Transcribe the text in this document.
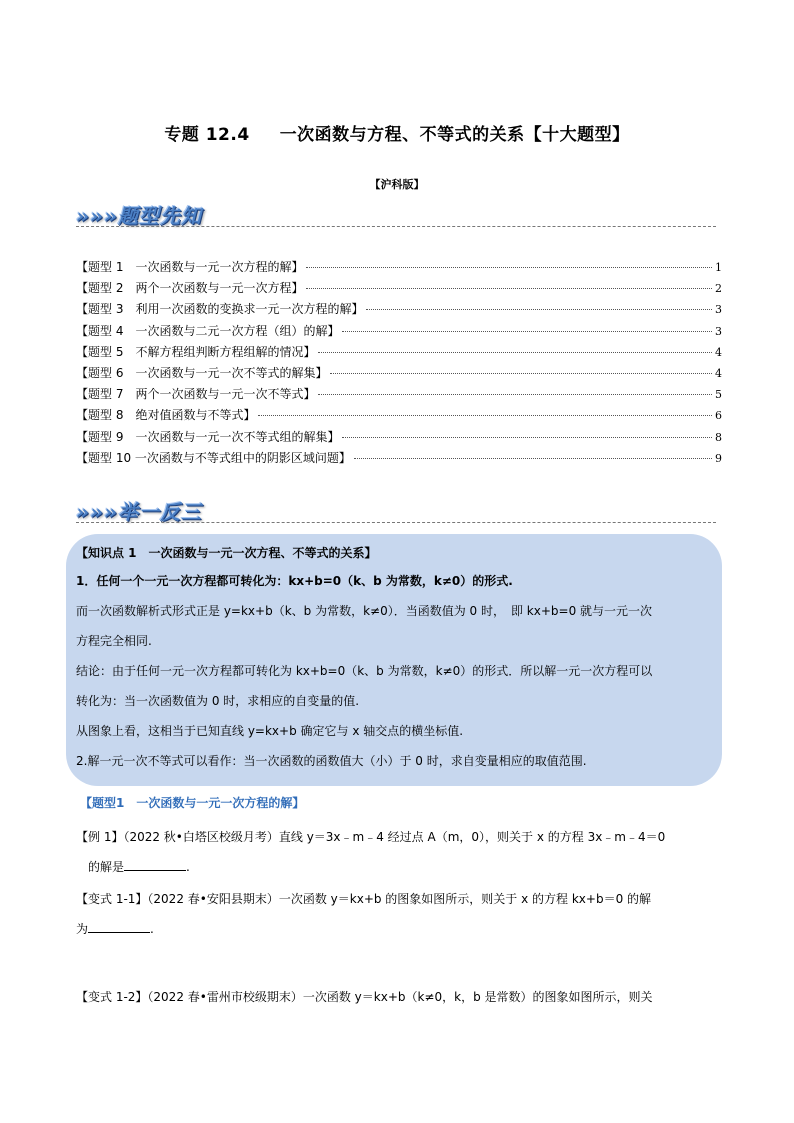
专题 12.4 一次函数与方程、不等式的关系【十大题型】
【沪科版】
»»»题型先知
【题型 1　一次函数与一元一次方程的解】	1
【题型 2　两个一次函数与一元一次方程】	2
【题型 3　利用一次函数的变换求一元一次方程的解】	3
【题型 4　一次函数与二元一次方程（组）的解】	3
【题型 5　不解方程组判断方程组解的情况】	4
【题型 6　一次函数与一元一次不等式的解集】	4
【题型 7　两个一次函数与一元一次不等式】	5
【题型 8　绝对值函数与不等式】	6
【题型 9　一次函数与一元一次不等式组的解集】	8
【题型 10 一次函数与不等式组中的阴影区域问题】	9
»»»举一反三

【知识点 1　一次函数与一元一次方程、不等式的关系】

1．任何一个一元一次方程都可转化为：kx+b=0（k、b 为常数，k≠0）的形式.

而一次函数解析式形式正是 y=kx+b（k、b 为常数，k≠0）．当函数值为 0 时，　即 kx+b=0 就与一元一次

方程完全相同.

结论：由于任何一元一次方程都可转化为 kx+b=0（k、b 为常数，k≠0）的形式．所以解一元一次方程可以

转化为：当一次函数值为 0 时，求相应的自变量的值.

从图象上看，这相当于已知直线 y=kx+b 确定它与 x 轴交点的横坐标值.

2.解一元一次不等式可以看作：当一次函数的函数值大（小）于 0 时，求自变量相应的取值范围.

【题型1　一次函数与一元一次方程的解】
【例 1】（2022 秋•白塔区校级月考）直线 y＝3x﹣m﹣4 经过点 A（m，0），则关于 x 的方程 3x﹣m﹣4＝0
的解是	.
【变式 1-1】（2022 春•安阳县期末）一次函数 y＝kx+b 的图象如图所示，则关于 x 的方程 kx+b＝0 的解
为	.
【变式 1-2】（2022 春•雷州市校级期末）一次函数 y＝kx+b（k≠0，k，b 是常数）的图象如图所示，则关
